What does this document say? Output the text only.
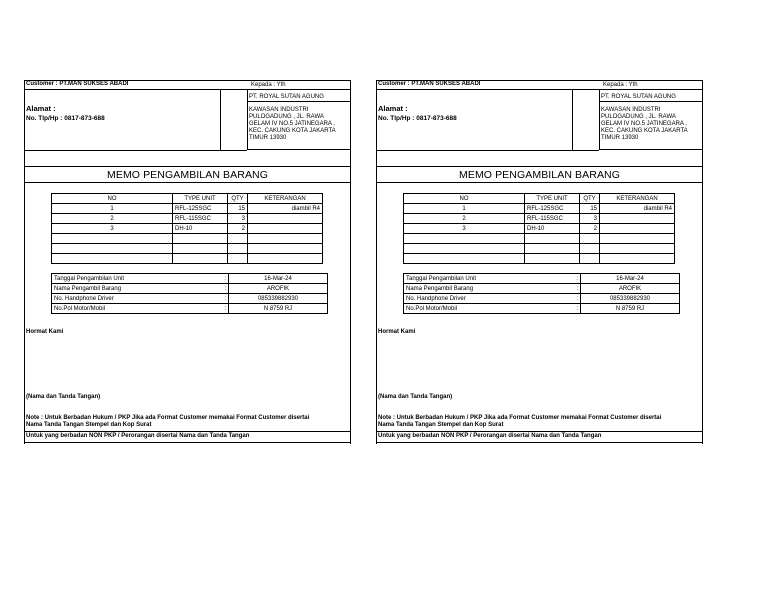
Customer : PT.MAN SUKSES ABADI	Kepada : Yth
PT. ROYAL SUTAN AGUNG
KAWASAN INDUSTRI
PULOGADUNG , JL. RAWA
GELAM IV NO.5 JATINEGARA ,
KEC. CAKUNG KOTA JAKARTA
TIMUR 13930
Alamat :
No. Tlp/Hp : 0817-873-688
MEMO PENGAMBILAN BARANG
NO	TYPE UNIT	QTY	KETERANGAN
1	RFL-125SGC	15	diambil R4
2	RFL-115SGC	3	
3	DH-10	2	

Tanggal Pengambilan Unit	:	16-Mar-24
Nama Pengambil Barang	:	AROFIK
No. Handphone Driver	:	085339882930
No.Pol Motor/Mobil	:	N 8759 RJ
Hormat Kami
(Nama dan Tanda Tangan)
Note : Untuk Berbadan Hukum / PKP Jika ada Format Customer memakai Format Customer disertai
Nama Tanda Tangan Stempel dan Kop Surat
Untuk yang berbadan NON PKP / Perorangan disertai Nama dan Tanda Tangan
Customer : PT.MAN SUKSES ABADI	Kepada : Yth
PT. ROYAL SUTAN AGUNG
KAWASAN INDUSTRI
PULOGADUNG , JL. RAWA
GELAM IV NO.5 JATINEGARA ,
KEC. CAKUNG KOTA JAKARTA
TIMUR 13930
Alamat :
No. Tlp/Hp : 0817-873-688
MEMO PENGAMBILAN BARANG
NO	TYPE UNIT	QTY	KETERANGAN
1	RFL-125SGC	15	diambil R4
2	RFL-115SGC	3	
3	DH-10	2	

Tanggal Pengambilan Unit	:	16-Mar-24
Nama Pengambil Barang	:	AROFIK
No. Handphone Driver	:	085339882930
No.Pol Motor/Mobil	:	N 8759 RJ
Hormat Kami
(Nama dan Tanda Tangan)
Note : Untuk Berbadan Hukum / PKP Jika ada Format Customer memakai Format Customer disertai
Nama Tanda Tangan Stempel dan Kop Surat
Untuk yang berbadan NON PKP / Perorangan disertai Nama dan Tanda Tangan
